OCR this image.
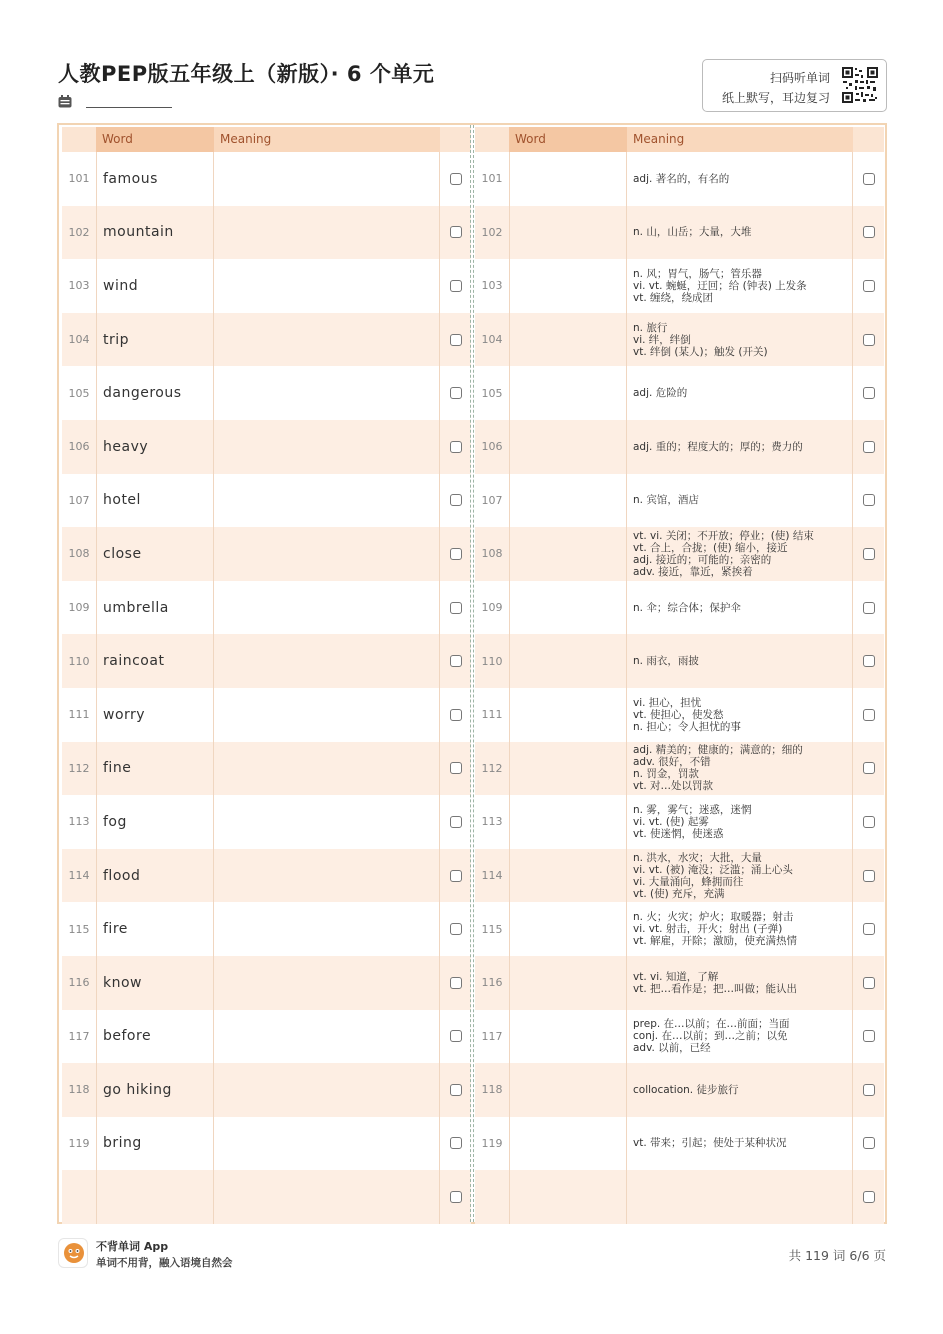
人教PEP版五年级上（新版）· 6 个单元	扫码听单词
纸上默写，耳边复习
Word	Meaning
101 famous
102 mountain
103 wind
104 trip
105 dangerous
106 heavy
107 hotel
108 close
109 umbrella
110 raincoat
111 worry
112 fine
113 fog
114 flood
115 fire
116 know
117 before
118 go hiking
119 bring
Word	Meaning
101	adj. 著名的，有名的
102	n. 山，山岳；大量，大堆
103
n. 风；胃气，肠气；管乐器
vi. vt. 蜿蜒，迂回；给 (钟表) 上发条
vt. 缠绕，绕成团
104
n. 旅行
vi. 绊，绊倒
vt. 绊倒 (某人)；触发 (开关)
105	adj. 危险的
106	adj. 重的；程度大的；厚的；费力的
107	n. 宾馆，酒店
108
vt. vi. 关闭；不开放；停业；(使) 结束
vt. 合上，合拢；(使) 缩小，接近
adj. 接近的；可能的；亲密的
adv. 接近，靠近，紧挨着
109	n. 伞；综合体；保护伞
110	n. 雨衣，雨披
111
vi. 担心，担忧
vt. 使担心，使发愁
n. 担心；令人担忧的事
112
adj. 精美的；健康的；满意的；细的
adv. 很好，不错
n. 罚金，罚款
vt. 对…处以罚款
113
n. 雾，雾气；迷惑，迷惘
vi. vt. (使) 起雾
vt. 使迷惘，使迷惑
114
n. 洪水，水灾；大批，大量
vi. vt. (被) 淹没；泛滥；涌上心头
vi. 大量涌向，蜂拥而往
vt. (使) 充斥，充满
115
n. 火；火灾；炉火；取暖器；射击
vi. vt. 射击，开火；射出 (子弹)
vt. 解雇，开除；激励，使充满热情
116	vt. vi. 知道，了解
vt. 把…看作是；把…叫做；能认出
117
prep. 在…以前；在…前面；当面
conj. 在…以前；到…之前；以免
adv. 以前，已经
118	collocation. 徒步旅行
119	vt. 带来；引起；使处于某种状况
不背单词 App
单词不用背，融入语境自然会	共 119 词 6/6 页
